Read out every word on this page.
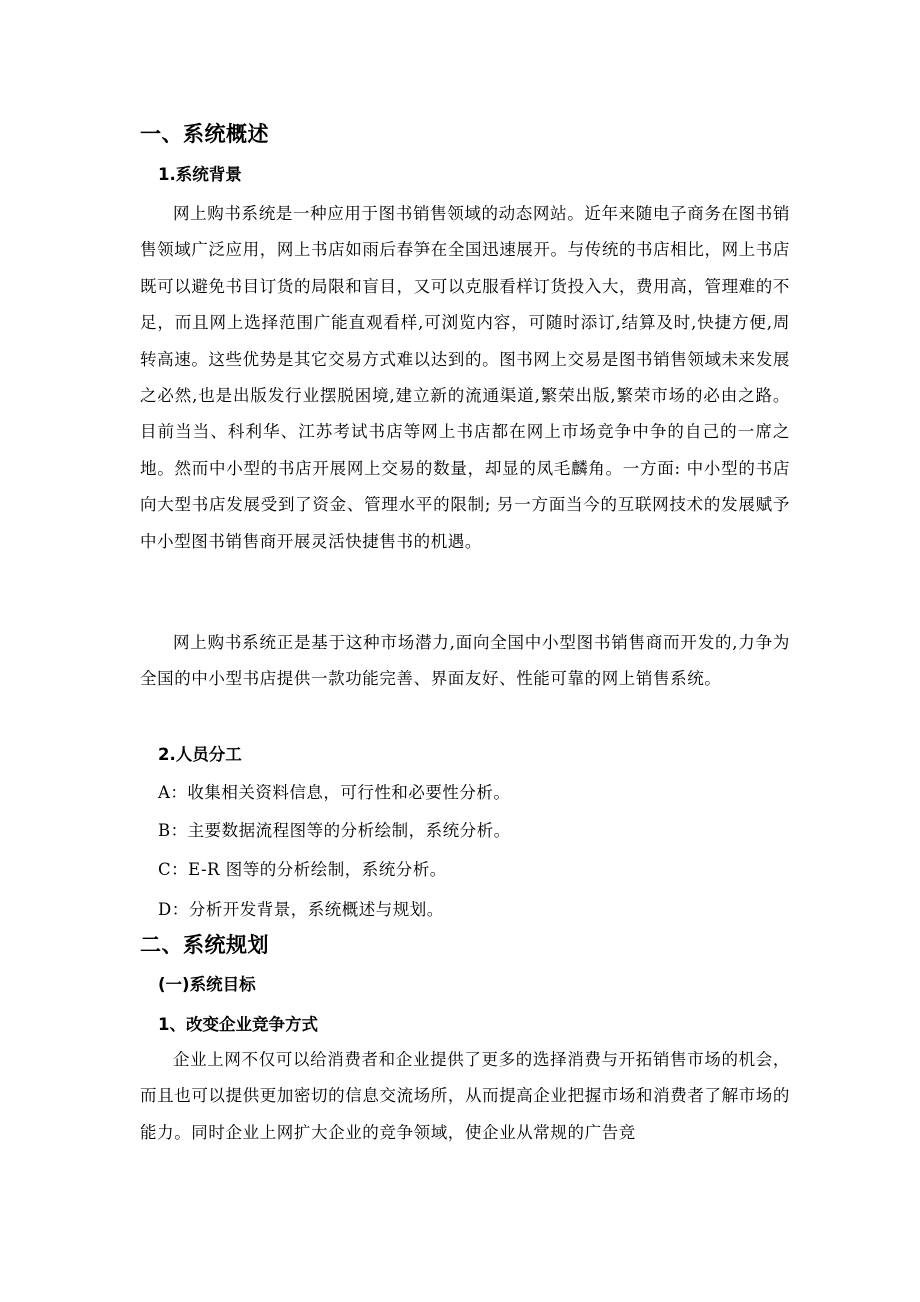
一、系统概述
1.系统背景

网上购书系统是一种应用于图书销售领域的动态网站。近年来随电子商务在图书销售领域广泛应用，网上书店如雨后春笋在全国迅速展开。与传统的书店相比，网上书店既可以避免书目订货的局限和盲目，又可以克服看样订货投入大，费用高，管理难的不足，而且网上选择范围广能直观看样,可浏览内容，可随时添订,结算及时,快捷方便,周转高速。这些优势是其它交易方式难以达到的。图书网上交易是图书销售领域未来发展之必然,也是出版发行业摆脱困境,建立新的流通渠道,繁荣出版,繁荣市场的必由之路。目前当当、科利华、江苏考试书店等网上书店都在网上市场竞争中争的自己的一席之地。然而中小型的书店开展网上交易的数量，却显的凤毛麟角。一方面: 中小型的书店向大型书店发展受到了资金、管理水平的限制; 另一方面当今的互联网技术的发展赋予中小型图书销售商开展灵活快捷售书的机遇。

网上购书系统正是基于这种市场潜力,面向全国中小型图书销售商而开发的,力争为全国的中小型书店提供一款功能完善、界面友好、性能可靠的网上销售系统。

2.人员分工
A：收集相关资料信息，可行性和必要性分析。
B：主要数据流程图等的分析绘制，系统分析。
C：E-R 图等的分析绘制，系统分析。
D：分析开发背景，系统概述与规划。
二、系统规划
(一)系统目标
1、改变企业竞争方式

企业上网不仅可以给消费者和企业提供了更多的选择消费与开拓销售市场的机会，而且也可以提供更加密切的信息交流场所，从而提高企业把握市场和消费者了解市场的能力。同时企业上网扩大企业的竞争领域，使企业从常规的广告竞
